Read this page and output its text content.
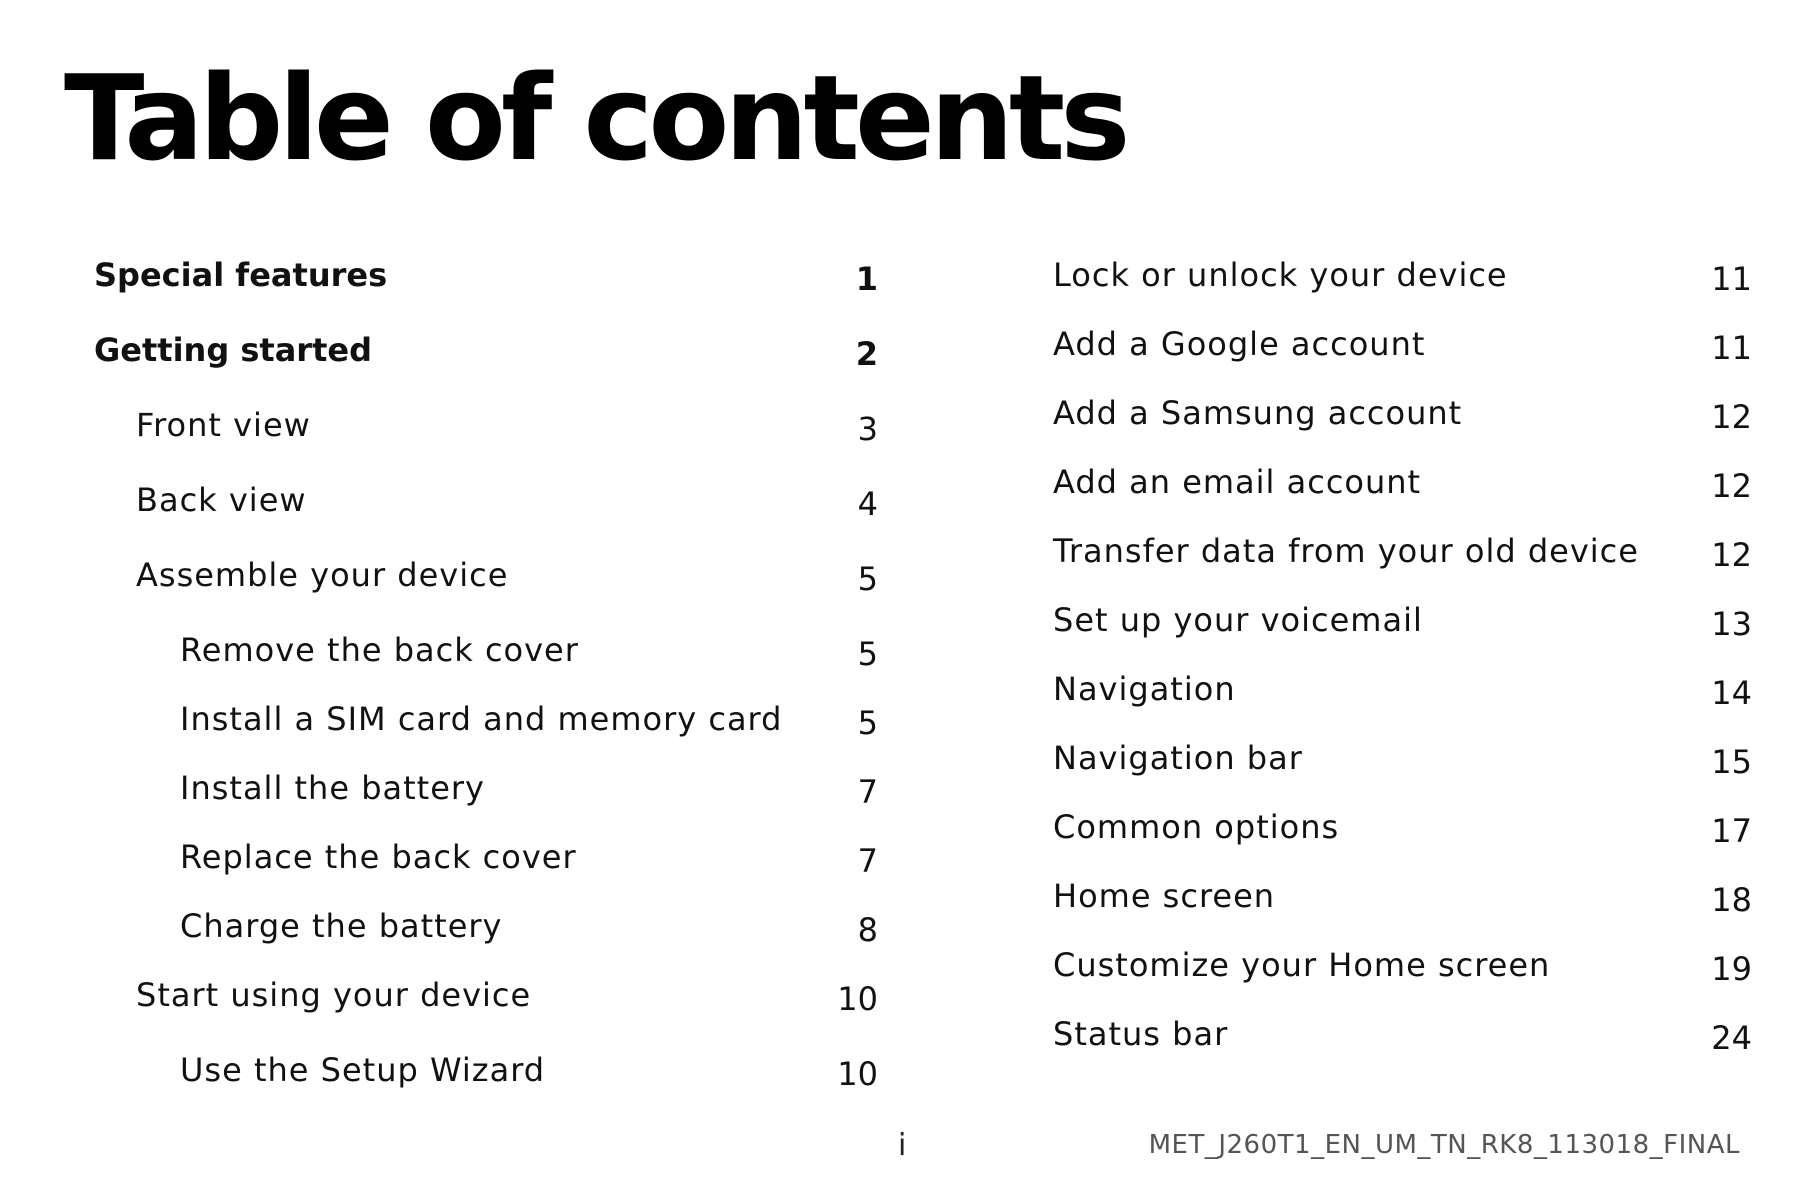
Table of contents
Special features	1
Getting started	2
Front view	3
Back view	4
Assemble your device	5
Remove the back cover	5
Install a SIM card and memory card 5
Install the battery	7
Replace the back cover	7
Charge the battery	8
Start using your device	10
Use the Setup Wizard	10
Lock or unlock your device	11
Add a Google account	11
Add a Samsung account	12
Add an email account	12
Transfer data from your old device 12
Set up your voicemail	13
Navigation	14
Navigation bar	15
Common options	17
Home screen	18
Customize your Home screen	19
Status bar	24
i	MET_J260T1_EN_UM_TN_RK8_113018_FINAL
